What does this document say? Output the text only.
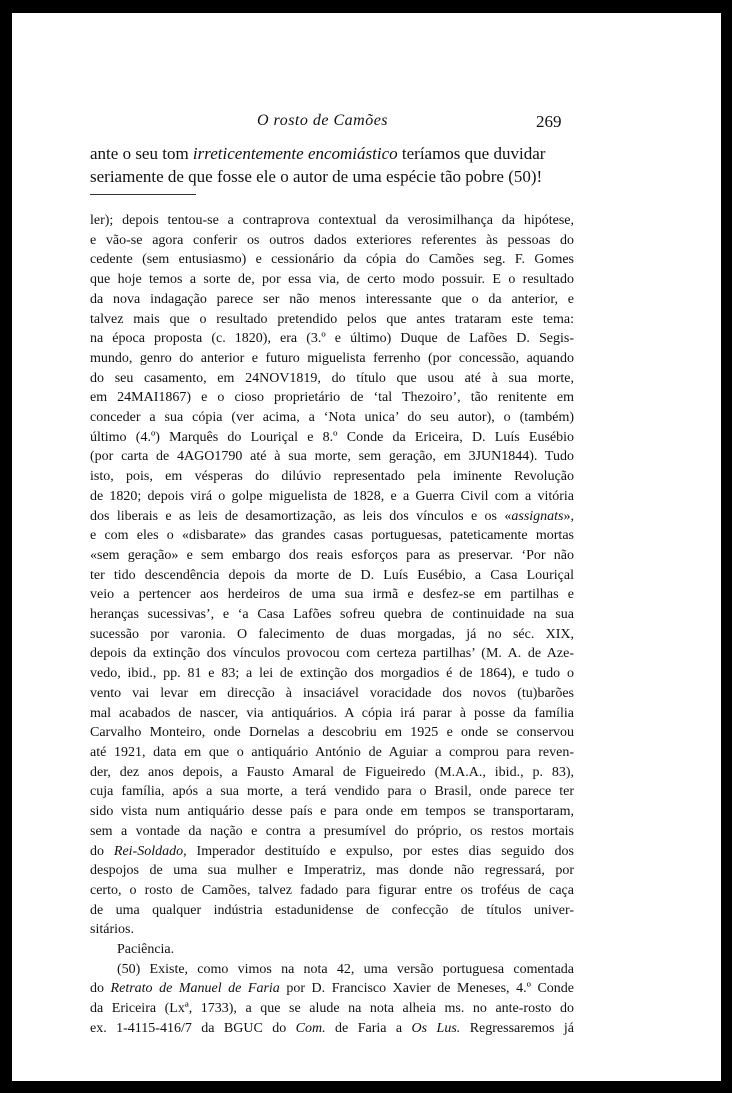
O rosto de Camões	269

ante o seu tom irreticentemente encomiástico teríamos que duvidar
seriamente de que fosse ele o autor de uma espécie tão pobre (50)!

ler); depois tentou-se a contraprova contextual da verosimilhança da hipótese,
e vão-se agora conferir os outros dados exteriores referentes às pessoas do
cedente (sem entusiasmo) e cessionário da cópia do Camões seg. F. Gomes
que hoje temos a sorte de, por essa via, de certo modo possuir. E o resultado
da nova indagação parece ser não menos interessante que o da anterior, e
talvez mais que o resultado pretendido pelos que antes trataram este tema:
na época proposta (c. 1820), era (3.º e último) Duque de Lafões D. Segis-
mundo, genro do anterior e futuro miguelista ferrenho (por concessão, aquando
do seu casamento, em 24NOV1819, do título que usou até à sua morte,
em 24MAI1867) e o cioso proprietário de ‘tal Thezoiro’, tão renitente em
conceder a sua cópia (ver acima, a ‘Nota unica’ do seu autor), o (também)
último (4.º) Marquês do Louriçal e 8.º Conde da Ericeira, D. Luís Eusébio
(por carta de 4AGO1790 até à sua morte, sem geração, em 3JUN1844). Tudo
isto, pois, em vésperas do dilúvio representado pela iminente Revolução
de 1820; depois virá o golpe miguelista de 1828, e a Guerra Civil com a vitória
dos liberais e as leis de desamortização, as leis dos vínculos e os «assignats»,
e com eles o «disbarate» das grandes casas portuguesas, pateticamente mortas
«sem geração» e sem embargo dos reais esforços para as preservar. ‘Por não
ter tido descendência depois da morte de D. Luís Eusébio, a Casa Louriçal
veio a pertencer aos herdeiros de uma sua irmã e desfez-se em partilhas e
heranças sucessivas’, e ‘a Casa Lafões sofreu quebra de continuidade na sua
sucessão por varonia. O falecimento de duas morgadas, já no séc. XIX,
depois da extinção dos vínculos provocou com certeza partilhas’ (M. A. de Aze-
vedo, ibid., pp. 81 e 83; a lei de extinção dos morgadios é de 1864), e tudo o
vento vai levar em direcção à insaciável voracidade dos novos (tu)barões
mal acabados de nascer, via antiquários. A cópia irá parar à posse da família
Carvalho Monteiro, onde Dornelas a descobriu em 1925 e onde se conservou
até 1921, data em que o antiquário António de Aguiar a comprou para reven-
der, dez anos depois, a Fausto Amaral de Figueiredo (M.A.A., ibid., p. 83),
cuja família, após a sua morte, a terá vendido para o Brasil, onde parece ter
sido vista num antiquário desse país e para onde em tempos se transportaram,
sem a vontade da nação e contra a presumível do próprio, os restos mortais
do Rei-Soldado, Imperador destituído e expulso, por estes dias seguido dos
despojos de uma sua mulher e Imperatriz, mas donde não regressará, por
certo, o rosto de Camões, talvez fadado para figurar entre os troféus de caça
de uma qualquer indústria estadunidense de confecção de títulos univer-
sitários.
Paciência.
(50) Existe, como vimos na nota 42, uma versão portuguesa comentada
do Retrato de Manuel de Faria por D. Francisco Xavier de Meneses, 4.º Conde
da Ericeira (Lxª, 1733), a que se alude na nota alheia ms. no ante-rosto do
ex. 1-4115-416/7 da BGUC do Com. de Faria a Os Lus. Regressaremos já
